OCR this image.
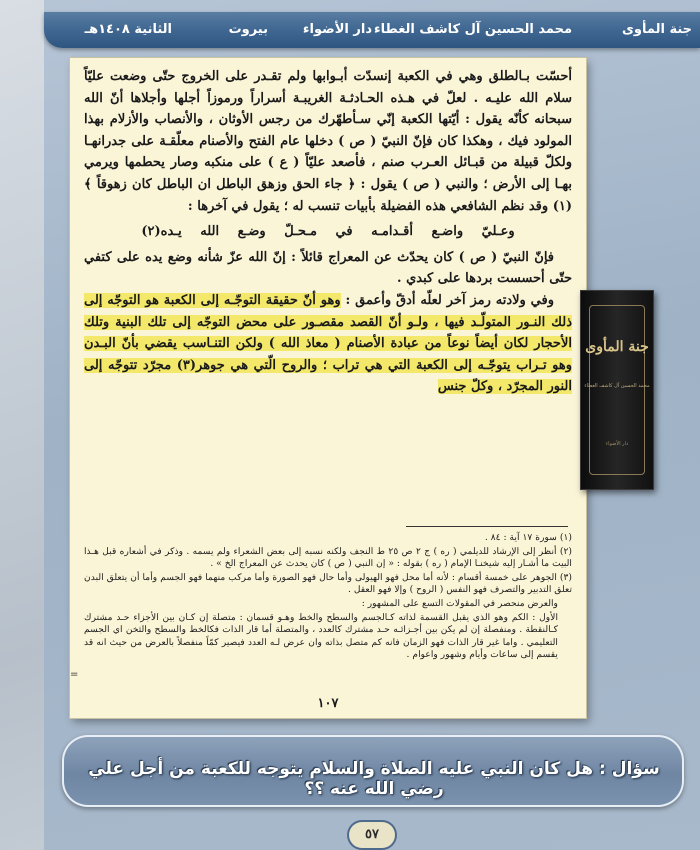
جنة المأوى
محمد الحسين آل كاشف الغطاء
دار الأضواء
بيروت
الثانية ١٤٠٨هـ

أحسّت بـالطلق وهي في الكعبة إنسدّت أبـوابها ولم تقـدر على الخروج حتّى وضعت عليّاً سلام الله عليـه . لعلّ في هـذه الحـادثـة الغريبـة أسراراً ورموزاً أجلها وأجلاها أنّ الله سبحانه كأنّه يقول : أيّتها الكعبة إنّي سـأطهّرك من رجس الأوثان ، والأنصاب والأزلام بهذا المولود فيك ، وهكذا كان فإنّ النبيّ ( ص ) دخلها عام الفتح والأصنام معلّقـة على جدرانهـا ولكلّ قبيلة من قبـائل العـرب صنم ، فأصعد عليّاً ( ع ) على منكبه وصار يحطمها ويرمي بهـا إلى الأرض ؛ والنبي ( ص ) يقول : ﴿ جاء الحق وزهق الباطل ان الباطل كان زهوقاً ﴾(١) وقد نظم الشافعي هذه الفضيلة بأبيات تنسب له ؛ يقول في آخرها :

وعـليّ واضـع أقـدامـه في مـحـلّ وضـع الله يـده(٢)

فإنّ النبيّ ( ص ) كان يحدّث عن المعراج قائلاً : إنّ الله عزّ شأنه وضع يده على كتفي حتّى أحسست بردها على كبدي .

وفي ولادته رمز آخر لعلّه أدقّ وأعمق : وهو أنّ حقيقة التوجّـه إلى الكعبة هو التوجّه إلى ذلك النـور المتولّـد فيها ، ولـو أنّ القصد مقصـور على محض التوجّه إلى تلك البنية وتلك الأحجار لكان أيضاً نوعاً من عبادة الأصنام ( معاذ الله ) ولكن التنـاسب يقضي بأنّ البـدن وهو تـراب يتوجّـه إلى الكعبة التي هي تراب ؛ والروح الّتي هي جوهر(٣) مجرّد تتوجّه إلى النور المجرّد ، وكلّ جنس

(١) سورة ١٧ آية : ٨٤ .

(٢) أنظر إلى الإرشاد للديلمي ( ره ) ج ٢ ص ٢٥ ط النجف ولكنه نسبه إلى بعض الشعراء ولم يسمه . وذكر في أشعاره قبل هـذا البيت ما أشـار إليه شيخنـا الإمام ( ره ) بقوله : « إن النبي ( ص ) كان يحدث عن المعراج الخ » .

(٣) الجوهر على خمسة أقسام : لأنه أما محل فهو الهيولى وأما حال فهو الصورة وأما مركب منهما فهو الجسم وأما أن يتعلق البدن تعلق التدبير والتصرف فهو النفس ( الروح ) وإلا فهو العقل .

والعرض منحصر في المقولات التسع على المشهور :

الأول : الكم وهو الذي يقبل القسمة لذاته كـالجسم والسطح والخط وهـو قسمان : متصلة إن كـان بين الأجزاء حـد مشترك كـالنقطة . ومنفصلة إن لم يكن بين أجـزائـه حـد مشترك كالعدد ، والمتصلة أما قار الذات فكالخط والسطح والثخن اي الجسم التعليمي . واما غير قار الذات فهو الزمان فانه كم متصل بذاته وان عرض لـه العدد فيصير كمّاً منفصلاً بالعرض من حيث انه قد يقسم إلى ساعات وأيام وشهور واعوام .

=
١٠٧
جنة المأوى
محمد الحسين آل كاشف الغطاء
دار الأضواء
سؤال : هل كان النبي عليه الصلاة والسلام يتوجه للكعبة من أجل علي رضي الله عنه ؟؟
٥٧
